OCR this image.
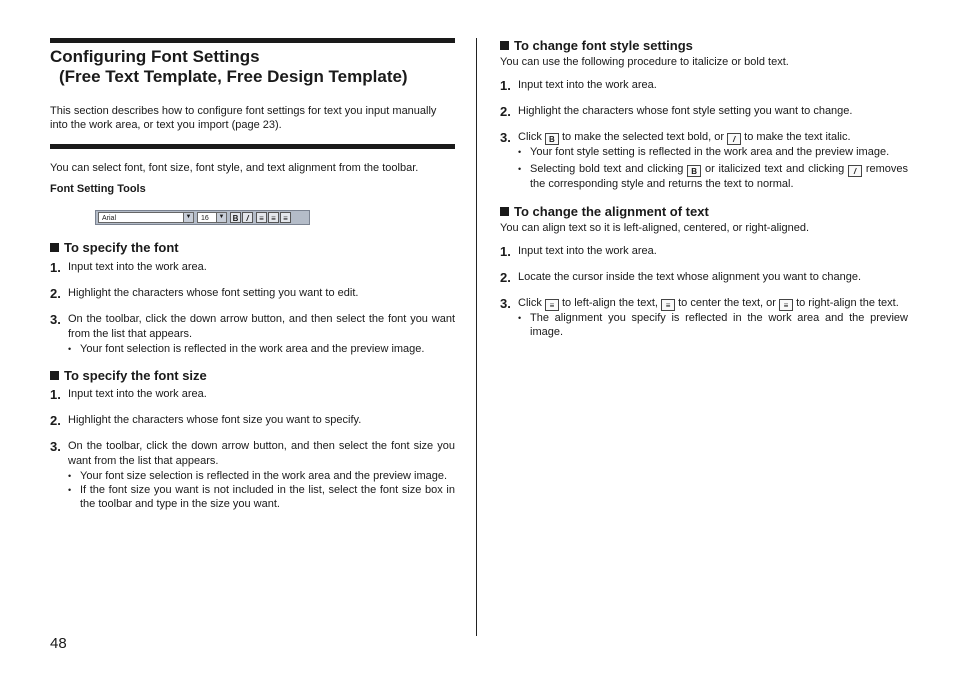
Configuring Font Settings
(Free Text Template, Free Design Template)
This section describes how to configure font settings for text you input manually into the work area, or text you import (page 23).
You can select font, font size, font style, and text alignment from the toolbar.
Font Setting Tools
Arial	▼	16	▼	B /	≡ ≡ ≡
To specify the font
1. Input text into the work area.
2. Highlight the characters whose font setting you want to edit.
3. On the toolbar, click the down arrow button, and then select the font you want from the list that appears.
• Your font selection is reflected in the work area and the preview image.
To specify the font size
1. Input text into the work area.
2. Highlight the characters whose font size you want to specify.
3. On the toolbar, click the down arrow button, and then select the font size you want from the list that appears.
• Your font size selection is reflected in the work area and the preview image.
• If the font size you want is not included in the list, select the font size box in the toolbar and type in the size you want.
To change font style settings
You can use the following procedure to italicize or bold text.
1. Input text into the work area.
2. Highlight the characters whose font style setting you want to change.
3. Click B to make the selected text bold, or / to make the text italic.
• Your font style setting is reflected in the work area and the preview image.
• Selecting bold text and clicking B or italicized text and clicking / removes the corresponding style and returns the text to normal.
To change the alignment of text
You can align text so it is left-aligned, centered, or right-aligned.
1. Input text into the work area.
2. Locate the cursor inside the text whose alignment you want to change.
3. Click ≡ to left-align the text, ≡ to center the text, or ≡ to right-align the text.
• The alignment you specify is reflected in the work area and the preview image.
48
